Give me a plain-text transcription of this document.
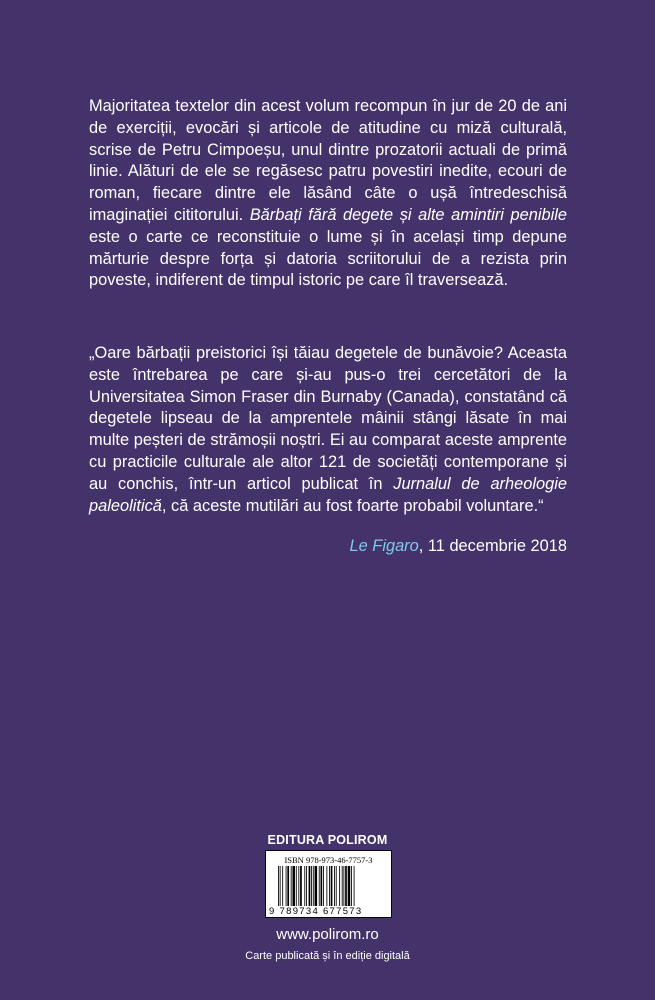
Majoritatea textelor din acest volum recompun în jur de 20 de ani de exerciții, evocări și articole de atitudine cu miză culturală, scrise de Petru Cimpoeșu, unul dintre prozatorii actuali de primă linie. Alături de ele se regăsesc patru povestiri inedite, ecouri de roman, fiecare dintre ele lăsând câte o ușă întredeschisă imaginației cititorului. Bărbați fără degete și alte amintiri penibile este o carte ce reconstituie o lume și în același timp depune mărturie despre forța și datoria scriitorului de a rezista prin poveste, indiferent de timpul istoric pe care îl traversează.

„Oare bărbații preistorici își tăiau degetele de bunăvoie? Aceasta este întrebarea pe care și-au pus-o trei cercetători de la Universitatea Simon Fraser din Burnaby (Canada), constatând că degetele lipseau de la amprentele mâinii stângi lăsate în mai multe peșteri de strămoșii noștri. Ei au comparat aceste amprente cu practicile culturale ale altor 121 de societăți contemporane și au conchis, într-un articol publicat în Jurnalul de arheologie paleolitică, că aceste mutilări au fost foarte probabil voluntare.“

Le Figaro, 11 decembrie 2018
EDITURA POLIROM
ISBN 978-973-46-7757-3
9 789734 677573
www.polirom.ro
Carte publicată și în ediție digitală
